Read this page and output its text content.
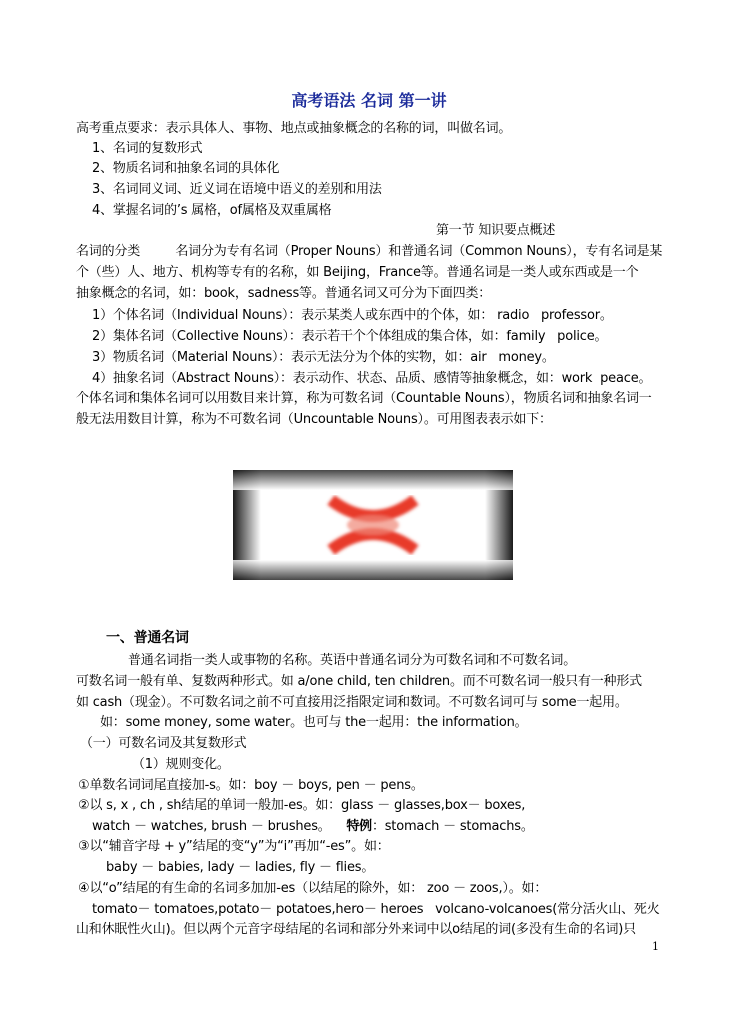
高考语法 名词 第一讲
高考重点要求：表示具体人、事物、地点或抽象概念的名称的词，叫做名词。
1、名词的复数形式
2、物质名词和抽象名词的具体化
3、名词同义词、近义词在语境中语义的差别和用法
4、掌握名词的’s 属格，of属格及双重属格
第一节 知识要点概述
名词的分类         名词分为专有名词（Proper Nouns）和普通名词（Common Nouns），专有名词是某
个（些）人、地方、机构等专有的名称，如 Beijing，France等。普通名词是一类人或东西或是一个
抽象概念的名词，如：book，sadness等。普通名词又可分为下面四类：
1）个体名词（Individual Nouns）：表示某类人或东西中的个体，如： radio   professor。
2）集体名词（Collective Nouns）：表示若干个个体组成的集合体，如：family   police。
3）物质名词（Material Nouns）：表示无法分为个体的实物，如：air   money。
4）抽象名词（Abstract Nouns）：表示动作、状态、品质、感情等抽象概念，如：work  peace。
个体名词和集体名词可以用数目来计算，称为可数名词（Countable Nouns），物质名词和抽象名词一
般无法用数目计算，称为不可数名词（Uncountable Nouns）。可用图表表示如下：
一、普通名词
普通名词指一类人或事物的名称。英语中普通名词分为可数名词和不可数名词。
可数名词一般有单、复数两种形式。如 a/one child, ten children。而不可数名词一般只有一种形式
如 cash（现金）。不可数名词之前不可直接用泛指限定词和数词。不可数名词可与 some一起用。
如：some money, some water。也可与 the一起用：the information。
（一）可数名词及其复数形式
（1）规则变化。
①单数名词词尾直接加-s。如：boy － boys, pen － pens。
②以 s, x , ch , sh结尾的单词一般加-es。如：glass － glasses,box－ boxes,
watch － watches, brush － brushes。    特例：stomach － stomachs。
③以“辅音字母 + y”结尾的变“y”为“i”再加“-es”。如：
baby － babies, lady － ladies, fly － flies。
④以“o”结尾的有生命的名词多加加-es（以结尾的除外，如： zoo － zoos,）。如：
tomato－ tomatoes,potato－ potatoes,hero－ heroes   volcano-volcanoes(常分活火山、死火
山和休眠性火山)。但以两个元音字母结尾的名词和部分外来词中以o结尾的词(多没有生命的名词)只
1
